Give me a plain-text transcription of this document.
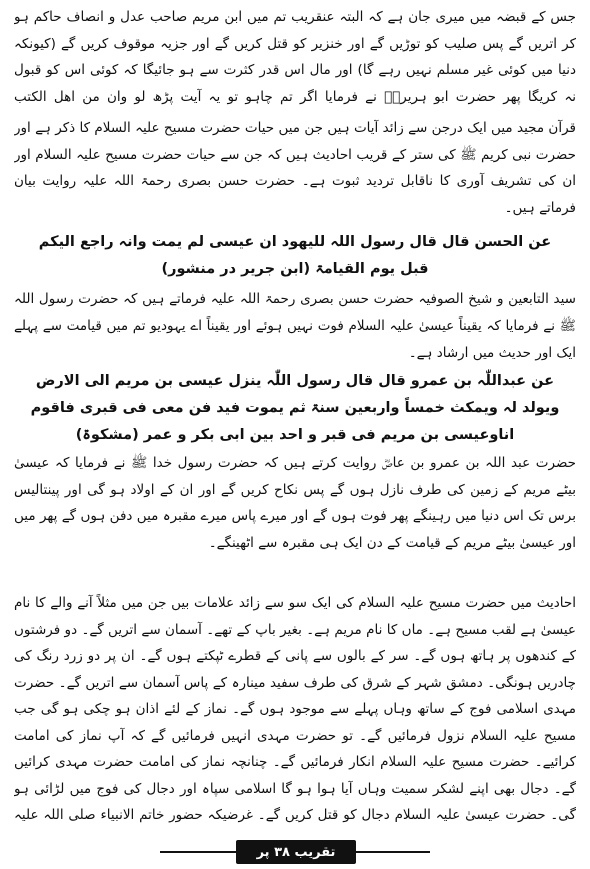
جس کے قبضہ میں میری جان ہے کہ البتہ عنقریب تم میں ابن مریم صاحب عدل و انصاف حاکم ہو کر اتریں گے پس صلیب کو توڑیں گے اور خنزیر کو قتل کریں گے اور جزیہ موقوف کریں گے (کیونکہ دنیا میں کوئی غیر مسلم نہیں رہے گا) اور مال اس قدر کثرت سے ہو جائیگا کہ کوئی اس کو قبول نہ کریگا پھر حضرت ابو ہریرہؓ نے فرمایا اگر تم چاہو تو یہ آیت پڑھ لو وان من اھل الکتب
قرآن مجید میں ایک درجن سے زائد آیات ہیں جن میں حیات حضرت مسیح علیہ السلام کا ذکر ہے اور حضرت نبی کریم ﷺ کی ستر کے قریب احادیث ہیں کہ جن سے حیات حضرت مسیح علیہ السلام اور ان کی تشریف آوری کا ناقابل تردید ثبوت ہے۔ حضرت حسن بصری رحمۃ اللہ علیہ روایت بیان فرماتے ہیں۔
عن الحسن قال قال رسول اللہ للیھود ان عیسی لم یمت وانہ راجع الیکم
قبل یوم القیامۃ (ابن جریر در منشور)
سید التابعین و شیخ الصوفیہ حضرت حسن بصری رحمۃ اللہ علیہ فرماتے ہیں کہ حضرت رسول اللہ ﷺ نے فرمایا کہ یقیناً عیسیٰ علیہ السلام فوت نہیں ہوئے اور یقیناً اے یہودیو تم میں قیامت سے پہلے
ایک اور حدیث میں ارشاد ہے۔
عن عبداللّٰہ بن عمرو قال قال رسول اللّٰہ ینزل عیسی بن مریم الی الارض
ویولد لہ ویمکث خمساً واربعین سنۃ ثم یموت فید فن معی فی قبری فاقوم
اناوعیسی بن مریم فی قبر و احد بین ابی بکر و عمر (مشکوۃ)
حضرت عبد اللہ بن عمرو بن عاصؓ روایت کرتے ہیں کہ حضرت رسول خدا ﷺ نے فرمایا کہ عیسیٰ بیٹے مریم کے زمین کی طرف نازل ہوں گے پس نکاح کریں گے اور ان کے اولاد ہو گی اور پینتالیس برس تک اس دنیا میں رہینگے پھر فوت ہوں گے اور میرے پاس میرے مقبرہ میں دفن ہوں گے پھر میں اور عیسیٰ بیٹے مریم کے قیامت کے دن ایک ہی مقبرہ سے اٹھینگے۔
احادیث میں حضرت مسیح علیہ السلام کی ایک سو سے زائد علامات بیں جن میں مثلاً آنے والے کا نام عیسیٰ ہے لقب مسیح ہے۔ ماں کا نام مریم ہے۔ بغیر باپ کے تھے۔ آسمان سے اتریں گے۔ دو فرشتوں کے کندھوں پر ہاتھ ہوں گے۔ سر کے بالوں سے پانی کے قطرے ٹپکتے ہوں گے۔ ان پر دو زرد رنگ کی چادریں ہونگی۔ دمشق شہر کے شرق کی طرف سفید مینارہ کے پاس آسمان سے اتریں گے۔ حضرت مہدی اسلامی فوج کے ساتھ وہاں پہلے سے موجود ہوں گے۔ نماز کے لئے اذان ہو چکی ہو گی جب مسیح علیہ السلام نزول فرمائیں گے۔ تو حضرت مہدی انہیں فرمائیں گے کہ آپ نماز کی امامت کرائیے۔ حضرت مسیح علیہ السلام انکار فرمائیں گے۔ چنانچہ نماز کی امامت حضرت مہدی کرائیں گے۔ دجال بھی اپنے لشکر سمیت وہاں آیا ہوا ہو گا اسلامی سپاہ اور دجال کی فوج میں لڑائی ہو گی۔ حضرت عیسیٰ علیہ السلام دجال کو قتل کریں گے۔ غرضیکہ حضور خاتم الانبیاء صلی اللہ علیہ
تقریب ۳۸ پر
